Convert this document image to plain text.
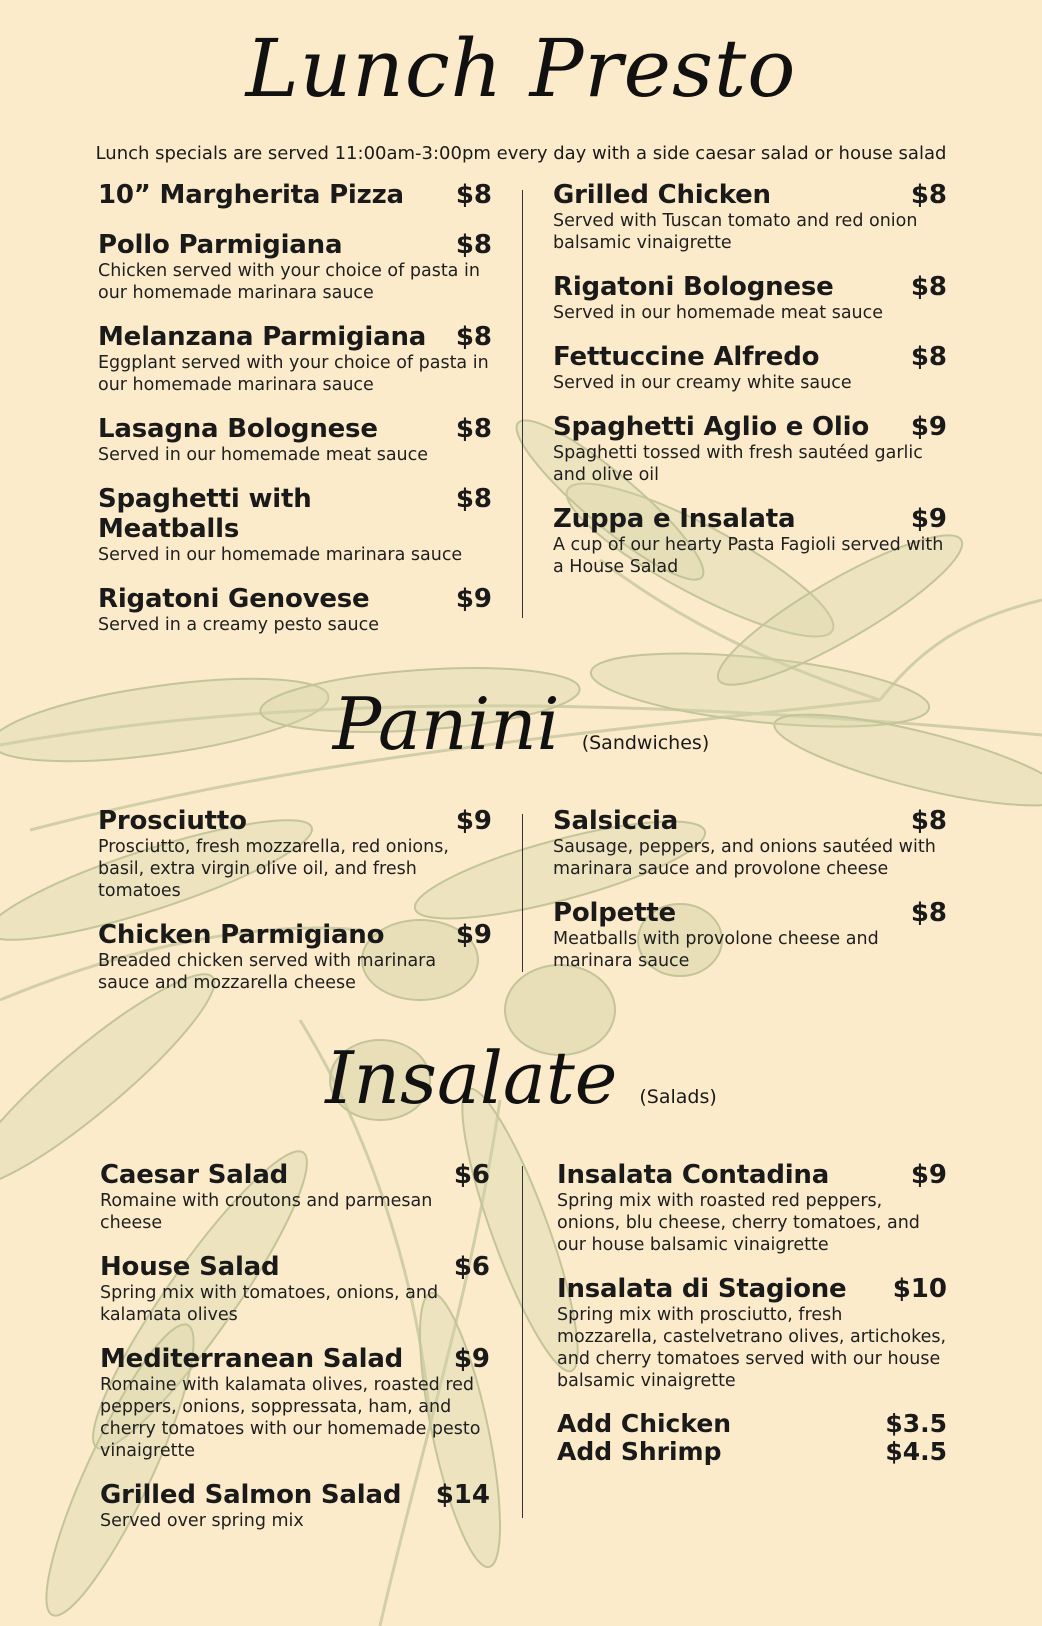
Lunch Presto
Lunch specials are served 11:00am-3:00pm every day with a side caesar salad or house salad
10” Margherita Pizza $8
Pollo Parmigiana	$8
Chicken served with your choice of pasta in our homemade marinara sauce
Melanzana Parmigiana $8
Eggplant served with your choice of pasta in our homemade marinara sauce
Lasagna Bolognese	$8
Served in our homemade meat sauce
Spaghetti with Meatballs
$8
Served in our homemade marinara sauce
Rigatoni Genovese	$9
Served in a creamy pesto sauce
Grilled Chicken	$8
Served with Tuscan tomato and red onion balsamic vinaigrette
Rigatoni Bolognese	$8
Served in our homemade meat sauce
Fettuccine Alfredo	$8
Served in our creamy white sauce
Spaghetti Aglio e Olio $9
Spaghetti tossed with fresh sautéed garlic and olive oil
Zuppa e Insalata	$9
A cup of our hearty Pasta Fagioli served with a House Salad
Panini (Sandwiches)
Prosciutto	$9
Prosciutto, fresh mozzarella, red onions, basil, extra virgin olive oil, and fresh tomatoes
Chicken Parmigiano	$9
Breaded chicken served with marinara sauce and mozzarella cheese
Salsiccia	$8
Sausage, peppers, and onions sautéed with marinara sauce and provolone cheese
Polpette	$8
Meatballs with provolone cheese and marinara sauce
Insalate (Salads)
Caesar Salad	$6
Romaine with croutons and parmesan cheese
House Salad	$6
Spring mix with tomatoes, onions, and kalamata olives
Mediterranean Salad $9
Romaine with kalamata olives, roasted red peppers, onions, soppressata, ham, and cherry tomatoes with our homemade pesto vinaigrette
Grilled Salmon Salad $14
Served over spring mix
Insalata Contadina	$9
Spring mix with roasted red peppers, onions, blu cheese, cherry tomatoes, and our house balsamic vinaigrette
Insalata di Stagione $10
Spring mix with prosciutto, fresh mozzarella, castelvetrano olives, artichokes, and cherry tomatoes served with our house balsamic vinaigrette
Add Chicken	$3.5
Add Shrimp	$4.5
